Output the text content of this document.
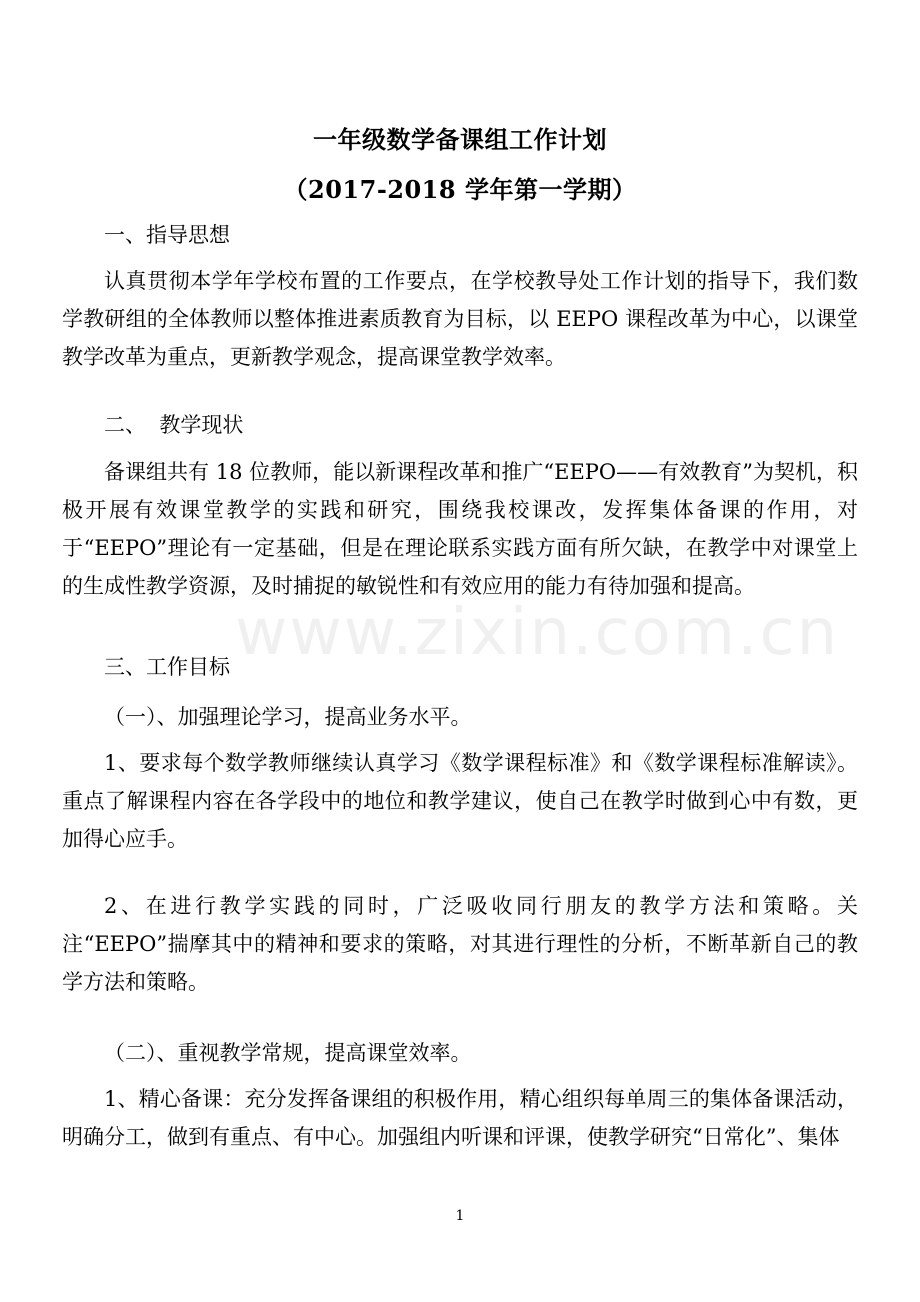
www.zixin.com.cn
一年级数学备课组工作计划
（2017-2018 学年第一学期）
一、指导思想
认真贯彻本学年学校布置的工作要点，在学校教导处工作计划的指导下，我们数学教研组的全体教师以整体推进素质教育为目标，以 EEPO 课程改革为中心，以课堂教学改革为重点，更新教学观念，提高课堂教学效率。
二、  教学现状
备课组共有 18 位教师，能以新课程改革和推广“EEPO——有效教育”为契机，积极开展有效课堂教学的实践和研究，围绕我校课改，发挥集体备课的作用，对于“EEPO”理论有一定基础，但是在理论联系实践方面有所欠缺，在教学中对课堂上的生成性教学资源，及时捕捉的敏锐性和有效应用的能力有待加强和提高。
三、工作目标
（一）、加强理论学习，提高业务水平。
1、要求每个数学教师继续认真学习《数学课程标准》和《数学课程标准解读》。重点了解课程内容在各学段中的地位和教学建议，使自己在教学时做到心中有数，更加得心应手。
2、在进行教学实践的同时，广泛吸收同行朋友的教学方法和策略。关注“EEPO”揣摩其中的精神和要求的策略，对其进行理性的分析，不断革新自己的教学方法和策略。
（二）、重视教学常规，提高课堂效率。
1、精心备课：充分发挥备课组的积极作用，精心组织每单周三的集体备课活动，明确分工，做到有重点、有中心。加强组内听课和评课，使教学研究“日常化”、集体
1
